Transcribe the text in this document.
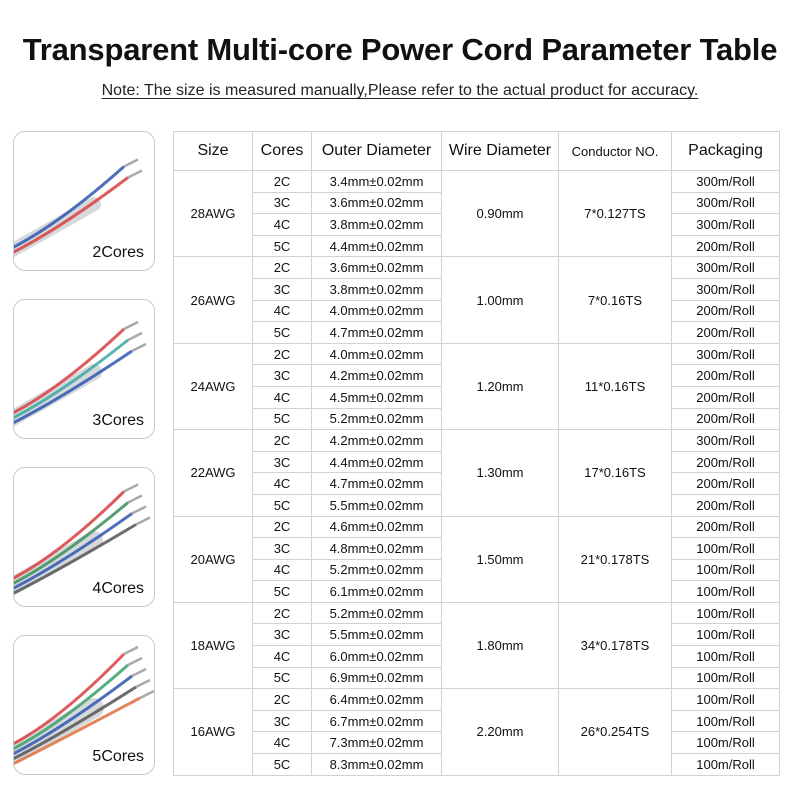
Transparent Multi-core Power Cord Parameter Table
Note: The size is measured manually,Please refer to the actual product for accuracy.
2Cores
3Cores
4Cores
5Cores
Size	Cores	Outer Diameter	Wire Diameter	Conductor NO.	Packaging
28AWG	2C	3.4mm±0.02mm	0.90mm	7*0.127TS	300m/Roll
	3C	3.6mm±0.02mm			300m/Roll
	4C	3.8mm±0.02mm			300m/Roll
	5C	4.4mm±0.02mm			200m/Roll
26AWG	2C	3.6mm±0.02mm	1.00mm	7*0.16TS	300m/Roll
	3C	3.8mm±0.02mm			300m/Roll
	4C	4.0mm±0.02mm			200m/Roll
	5C	4.7mm±0.02mm			200m/Roll
24AWG	2C	4.0mm±0.02mm	1.20mm	11*0.16TS	300m/Roll
	3C	4.2mm±0.02mm			200m/Roll
	4C	4.5mm±0.02mm			200m/Roll
	5C	5.2mm±0.02mm			200m/Roll
22AWG	2C	4.2mm±0.02mm	1.30mm	17*0.16TS	300m/Roll
	3C	4.4mm±0.02mm			200m/Roll
	4C	4.7mm±0.02mm			200m/Roll
	5C	5.5mm±0.02mm			200m/Roll
20AWG	2C	4.6mm±0.02mm	1.50mm	21*0.178TS	200m/Roll
	3C	4.8mm±0.02mm			100m/Roll
	4C	5.2mm±0.02mm			100m/Roll
	5C	6.1mm±0.02mm			100m/Roll
18AWG	2C	5.2mm±0.02mm	1.80mm	34*0.178TS	100m/Roll
	3C	5.5mm±0.02mm			100m/Roll
	4C	6.0mm±0.02mm			100m/Roll
	5C	6.9mm±0.02mm			100m/Roll
16AWG	2C	6.4mm±0.02mm	2.20mm	26*0.254TS	100m/Roll
	3C	6.7mm±0.02mm			100m/Roll
	4C	7.3mm±0.02mm			100m/Roll
	5C	8.3mm±0.02mm			100m/Roll
